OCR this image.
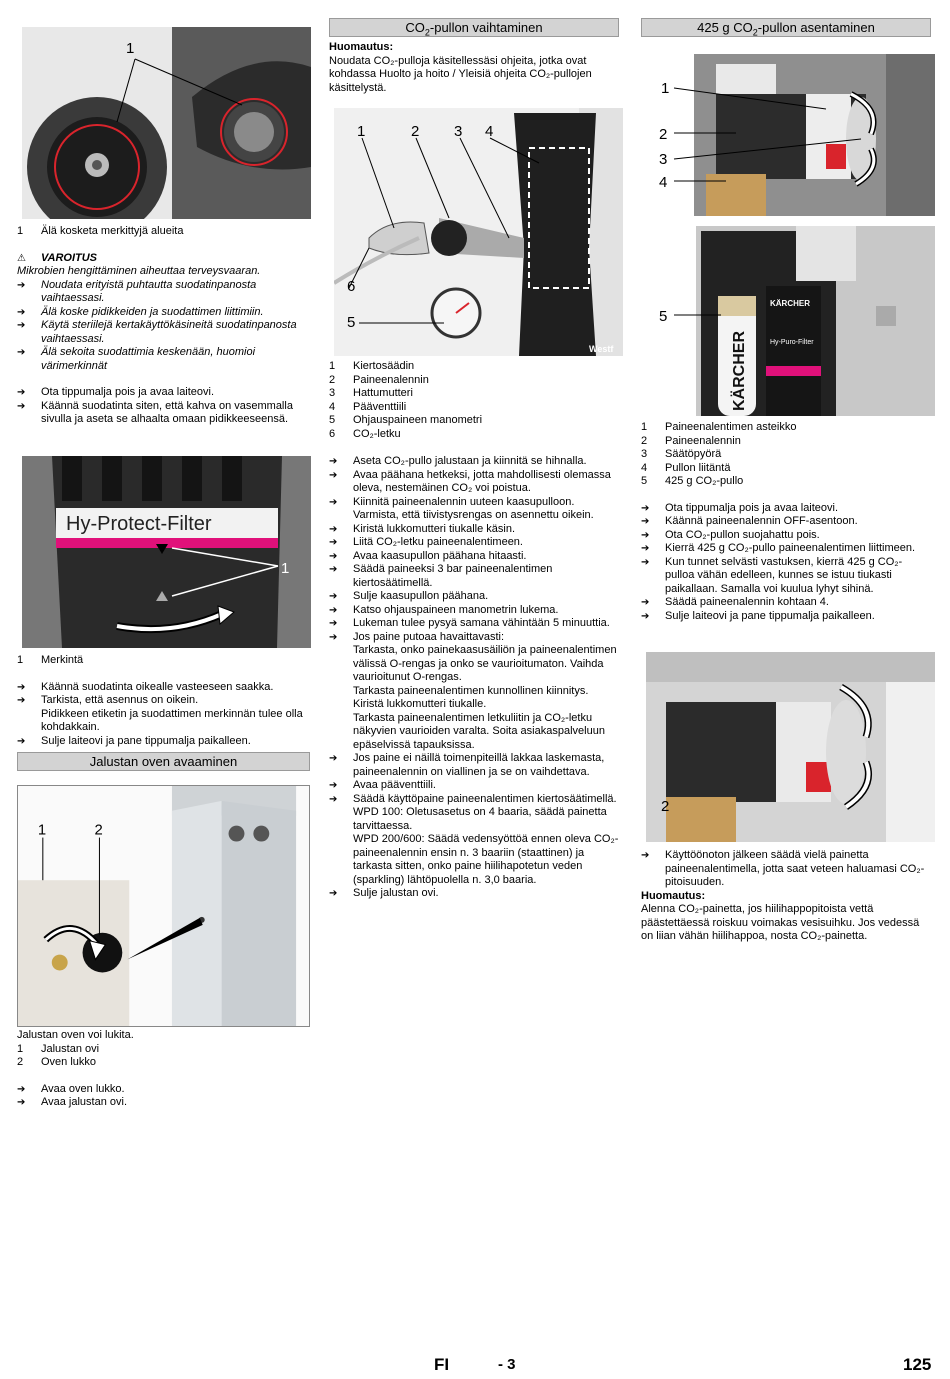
1
1	Älä kosketa merkittyjä alueita

⚠ VAROITUS

Mikrobien hengittäminen aiheuttaa terveysvaaran.

➔ Noudata erityistä puhtautta suodatinpanosta vaihtaessasi.

➔ Älä koske pidikkeiden ja suodattimen liittimiin.

➔ Käytä steriilejä kertakäyttökäsineitä suodatinpanosta vaihtaessasi.

➔ Älä sekoita suodattimia keskenään, huomioi värimerkinnät

➔ Ota tippumalja pois ja avaa laiteovi.

➔ Käännä suodatinta siten, että kahva on vasemmalla sivulla ja aseta se alhaalta omaan pidikkeeseensä.

Hy-Protect-Filter
1
1	Merkintä

➔ Käännä suodatinta oikealle vasteeseen saakka.

➔ Tarkista, että asennus on oikein.

Pidikkeen etiketin ja suodattimen merkinnän tulee olla kohdakkain.

➔ Sulje laiteovi ja pane tippumalja paikalleen.

Jalustan oven avaaminen
1	2

Jalustan oven voi lukita.

1	Jalustan ovi
2	Oven lukko

➔ Avaa oven lukko.

➔ Avaa jalustan ovi.

$CO_2$-pullon vaihtaminen

Huomautus:

Noudata CO₂-pulloja käsitellessäsi ohjeita, jotka ovat

kohdassa Huolto ja hoito / Yleisiä ohjeita CO₂-pullojen

käsittelystä.

1	2 3 4
6
5
Westf
1	Kiertosäädin
2	Paineenalennin
3	Hattumutteri
4	Pääventtiili
5	Ohjauspaineen manometri
6	CO₂-letku

➔ Aseta CO₂-pullo jalustaan ja kiinnitä se hihnalla.

➔ Avaa päähana hetkeksi, jotta mahdollisesti olemassa oleva, nestemäinen CO₂ voi poistua.

➔ Kiinnitä paineenalennin uuteen kaasupulloon. Varmista, että tiivistysrengas on asennettu oikein.

➔ Kiristä lukkomutteri tiukalle käsin.

➔ Liitä CO₂-letku paineenalentimeen.

➔ Avaa kaasupullon päähana hitaasti.

➔ Säädä paineeksi 3 bar paineenalentimen kiertosäätimellä.

➔ Sulje kaasupullon päähana.

➔ Katso ohjauspaineen manometrin lukema.

➔ Lukeman tulee pysyä samana vähintään 5 minuuttia.

➔ Jos paine putoaa havaittavasti:

Tarkasta, onko painekaasusäiliön ja paineenalentimen välissä O-rengas ja onko se vaurioitumaton. Vaihda vaurioitunut O-rengas.

Tarkasta paineenalentimen kunnollinen kiinnitys. Kiristä lukkomutteri tiukalle.

Tarkasta paineenalentimen letkuliitin ja CO₂-letku näkyvien vaurioiden varalta. Soita asiakaspalveluun epäselvissä tapauksissa.

➔ Jos paine ei näillä toimenpiteillä lakkaa laskemasta, paineenalennin on viallinen ja se on vaihdettava.

➔ Avaa pääventtiili.

➔ Säädä käyttöpaine paineenalentimen kiertosäätimellä.

WPD 100: Oletusasetus on 4 baaria, säädä painetta tarvittaessa.

WPD 200/600: Säädä vedensyöttöä ennen oleva CO₂-paineenalennin ensin n. 3 baariin (staattinen) ja tarkasta sitten, onko paine hiilihapotetun veden (sparkling) lähtöpuolella n. 3,0 baaria.

➔ Sulje jalustan ovi.

425 g $CO_2$-pullon asentaminen
1
2
3
4
KÄRCHER
KÄRCHER
Hy-Puro-Filter
5
1	Paineenalentimen asteikko
2	Paineenalennin
3	Säätöpyörä
4	Pullon liitäntä
5	425 g CO₂-pullo

➔ Ota tippumalja pois ja avaa laiteovi.

➔ Käännä paineenalennin OFF-asentoon.

➔ Ota CO₂-pullon suojahattu pois.

➔ Kierrä 425 g CO₂-pullo paineenalentimen liittimeen.

➔ Kun tunnet selvästi vastuksen, kierrä 425 g CO₂-pulloa vähän edelleen, kunnes se istuu tiukasti paikallaan. Samalla voi kuulua lyhyt sihinä.

➔ Säädä paineenalennin kohtaan 4.

➔ Sulje laiteovi ja pane tippumalja paikalleen.

2

➔ Käyttöönoton jälkeen säädä vielä painetta paineenalentimella, jotta saat veteen haluamasi CO₂-pitoisuuden.

Huomautus:

Alenna CO₂-painetta, jos hiilihappopitoista vettä päästettäessä roiskuu voimakas vesisuihku. Jos vedessä on liian vähän hiilihappoa, nosta CO₂-painetta.

FI	- 3	125
